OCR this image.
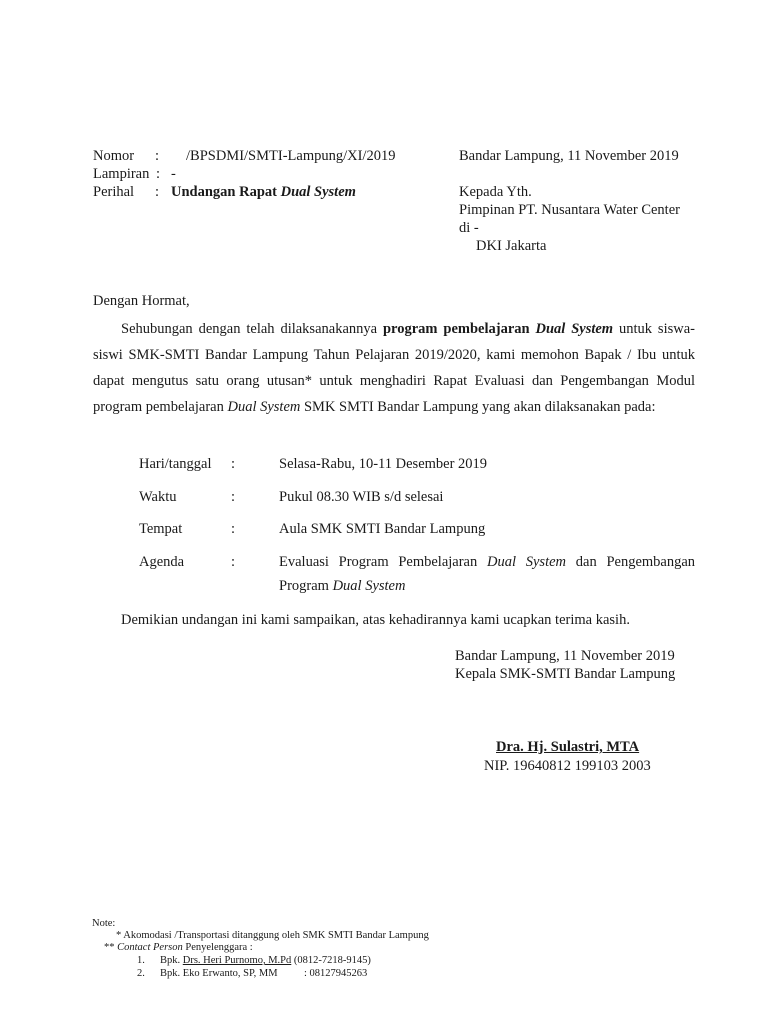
Nomor : /BPSDMI/SMTI-Lampung/XI/2019	Bandar Lampung, 11 November 2019
Lampiran : -
Perihal : Undangan Rapat Dual System	Kepada Yth.
Pimpinan PT. Nusantara Water Center
di -
DKI Jakarta
Dengan Hormat,
Sehubungan dengan telah dilaksanakannya program pembelajaran Dual System untuk siswa-siswi SMK-SMTI Bandar Lampung Tahun Pelajaran 2019/2020, kami memohon Bapak / Ibu untuk dapat mengutus satu orang utusan* untuk menghadiri Rapat Evaluasi dan Pengembangan Modul program pembelajaran Dual System SMK SMTI Bandar Lampung yang akan dilaksanakan pada:
Hari/tanggal :	Selasa-Rabu, 10-11 Desember 2019
Waktu	:	Pukul 08.30 WIB s/d selesai
Tempat	:	Aula SMK SMTI Bandar Lampung
Agenda	:	Evaluasi Program Pembelajaran Dual System dan Pengembangan Program Dual System
Demikian undangan ini kami sampaikan, atas kehadirannya kami ucapkan terima kasih.
Bandar Lampung, 11 November 2019
Kepala SMK-SMTI Bandar Lampung
Dra. Hj. Sulastri, MTA
NIP. 19640812 199103 2003
Note:
* Akomodasi /Transportasi ditanggung oleh SMK SMTI Bandar Lampung
** Contact Person Penyelenggara :
1. Bpk. Drs. Heri Purnomo, M.Pd (0812-7218-9145)
2. Bpk. Eko Erwanto, SP, MM	: 08127945263
